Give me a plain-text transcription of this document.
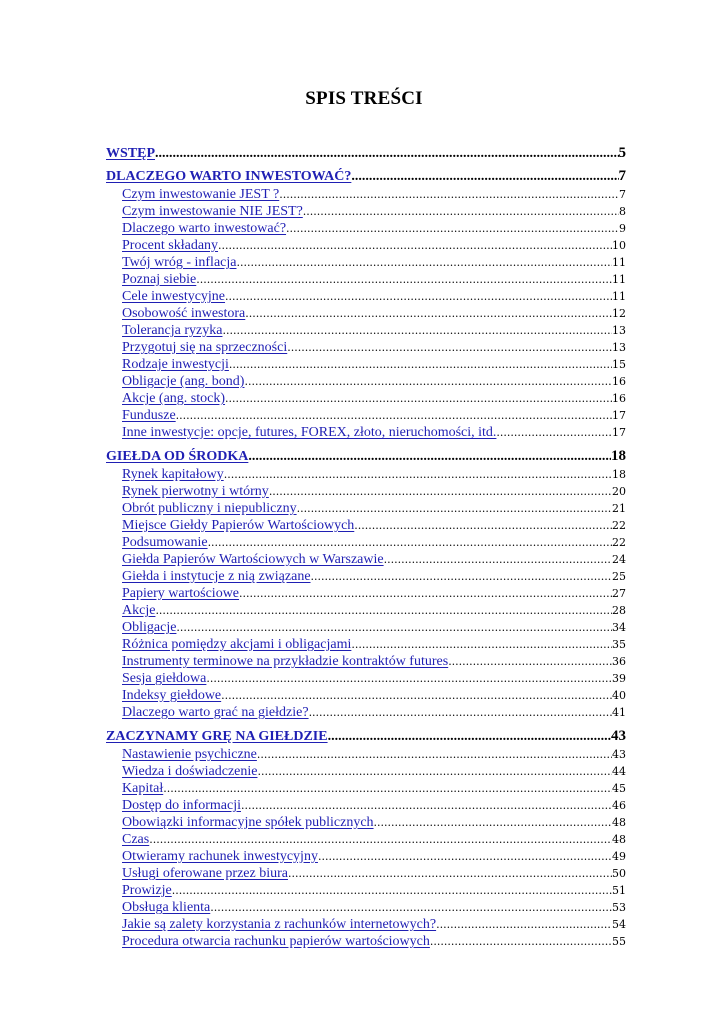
SPIS TREŚCI
WSTĘP .....	5
DLACZEGO WARTO INWESTOWAĆ? .....	7
Czym inwestowanie JEST ? .....	7
Czym inwestowanie NIE JEST? .....	8
Dlaczego warto inwestować? .....	9
Procent składany .....	10
Twój wróg - inflacja .....	11
Poznaj siebie .....	11
Cele inwestycyjne .....	11
Osobowość inwestora .....	12
Tolerancja ryzyka .....	13
Przygotuj się na sprzeczności .....	13
Rodzaje inwestycji .....	15
Obligacje (ang. bond) .....	16
Akcje (ang. stock) .....	16
Fundusze .....	17
Inne inwestycje: opcje, futures, FOREX, złoto, nieruchomości, itd. .....	17
GIEŁDA OD ŚRODKA .....	18
Rynek kapitałowy .....	18
Rynek pierwotny i wtórny .....	20
Obrót publiczny i niepubliczny .....	21
Miejsce Giełdy Papierów Wartościowych .....	22
Podsumowanie .....	22
Giełda Papierów Wartościowych w Warszawie .....	24
Giełda i instytucje z nią związane .....	25
Papiery wartościowe .....	27
Akcje .....	28
Obligacje .....	34
Różnica pomiędzy akcjami i obligacjami .....	35
Instrumenty terminowe na przykładzie kontraktów futures .....	36
Sesja giełdowa .....	39
Indeksy giełdowe .....	40
Dlaczego warto grać na giełdzie? .....	41
ZACZYNAMY GRĘ NA GIEŁDZIE .....	43
Nastawienie psychiczne .....	43
Wiedza i doświadczenie .....	44
Kapitał .....	45
Dostęp do informacji .....	46
Obowiązki informacyjne spółek publicznych .....	48
Czas .....	48
Otwieramy rachunek inwestycyjny .....	49
Usługi oferowane przez biura .....	50
Prowizje .....	51
Obsługa klienta .....	53
Jakie są zalety korzystania z rachunków internetowych? .....	54
Procedura otwarcia rachunku papierów wartościowych .....	55
